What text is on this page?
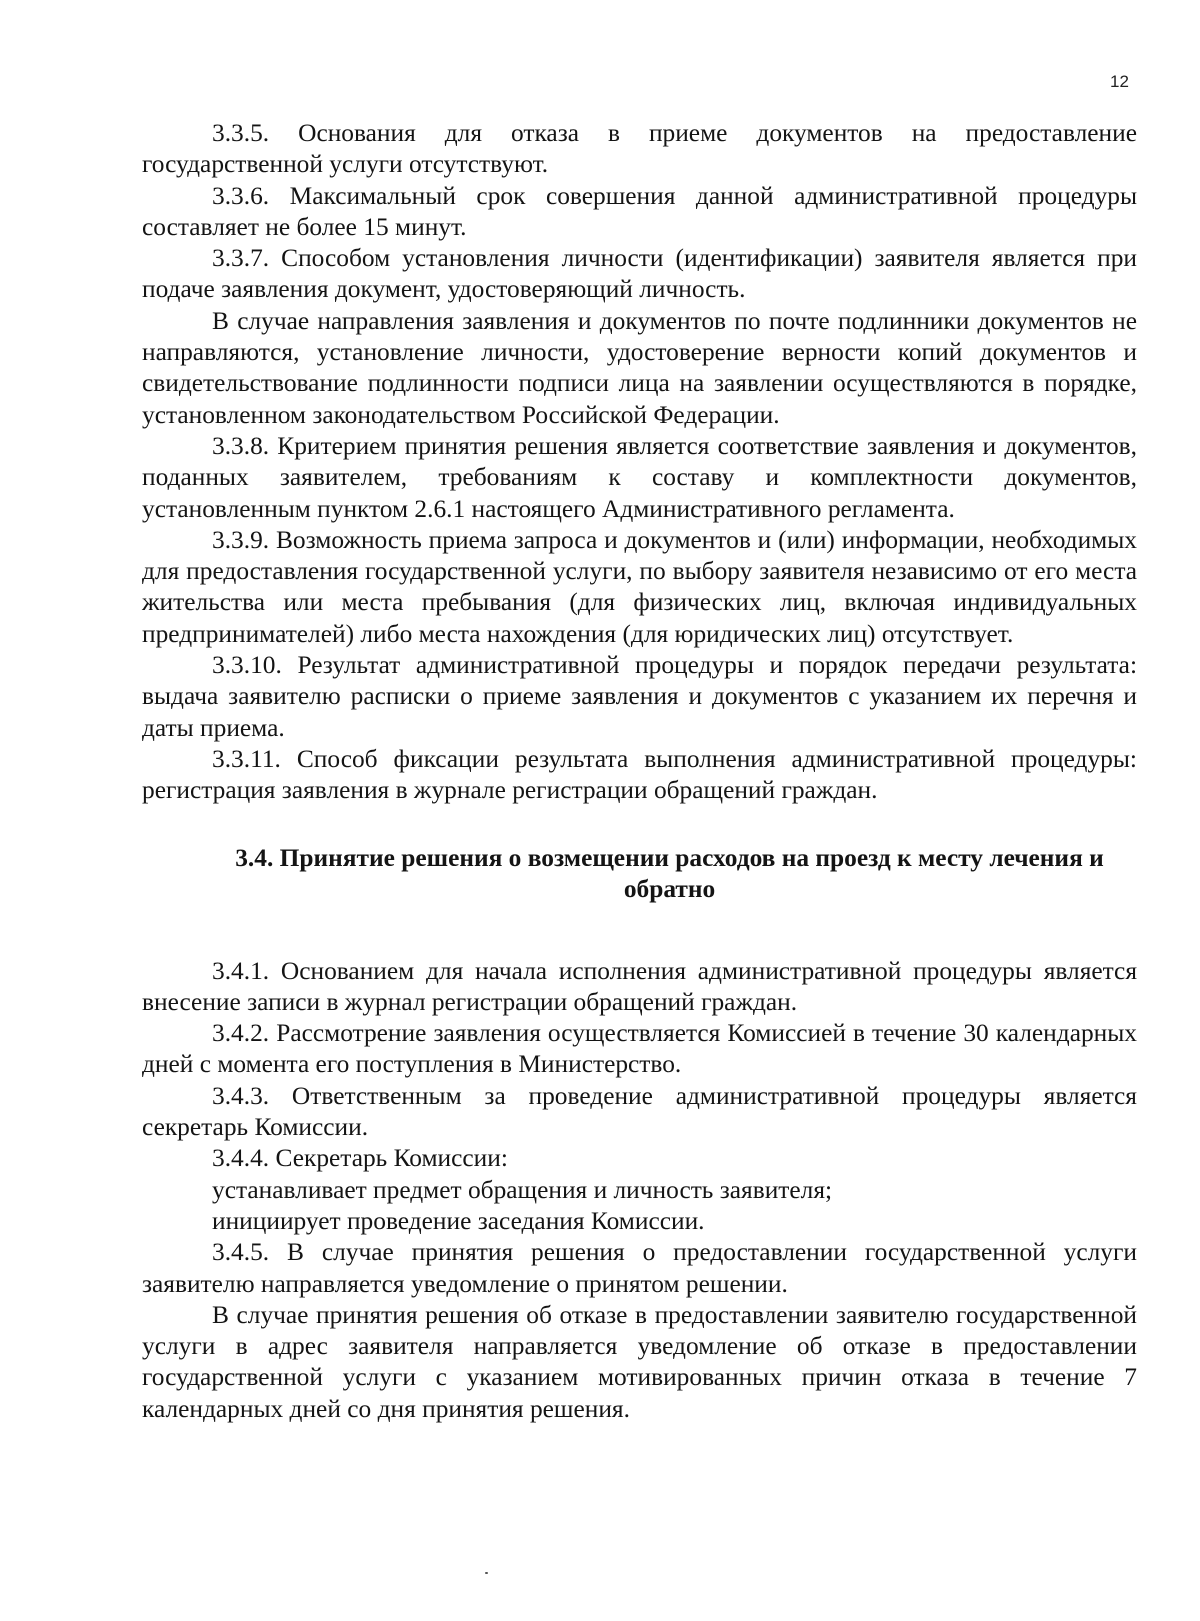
12

3.3.5. Основания для отказа в приеме документов на предоставление государственной услуги отсутствуют.

3.3.6. Максимальный срок совершения данной административной процедуры составляет не более 15 минут.

3.3.7. Способом установления личности (идентификации) заявителя является при подаче заявления документ, удостоверяющий личность.

В случае направления заявления и документов по почте подлинники документов не направляются, установление личности, удостоверение верности копий документов и свидетельствование подлинности подписи лица на заявлении осуществляются в порядке, установленном законодательством Российской Федерации.

3.3.8. Критерием принятия решения является соответствие заявления и документов, поданных заявителем, требованиям к составу и комплектности документов, установленным пунктом 2.6.1 настоящего Административного регламента.

3.3.9. Возможность приема запроса и документов и (или) информации, необходимых для предоставления государственной услуги, по выбору заявителя независимо от его места жительства или места пребывания (для физических лиц, включая индивидуальных предпринимателей) либо места нахождения (для юридических лиц) отсутствует.

3.3.10. Результат административной процедуры и порядок передачи результата: выдача заявителю расписки о приеме заявления и документов с указанием их перечня и даты приема.

3.3.11. Способ фиксации результата выполнения административной процедуры: регистрация заявления в журнале регистрации обращений граждан.

3.4. Принятие решения о возмещении расходов на проезд к месту лечения и обратно

3.4.1. Основанием для начала исполнения административной процедуры является внесение записи в журнал регистрации обращений граждан.

3.4.2. Рассмотрение заявления осуществляется Комиссией в течение 30 календарных дней с момента его поступления в Министерство.

3.4.3. Ответственным за проведение административной процедуры является секретарь Комиссии.

3.4.4. Секретарь Комиссии:

устанавливает предмет обращения и личность заявителя;

инициирует проведение заседания Комиссии.

3.4.5. В случае принятия решения о предоставлении государственной услуги заявителю направляется уведомление о принятом решении.

В случае принятия решения об отказе в предоставлении заявителю государственной услуги в адрес заявителя направляется уведомление об отказе в предоставлении государственной услуги с указанием мотивированных причин отказа в течение 7 календарных дней со дня принятия решения.
